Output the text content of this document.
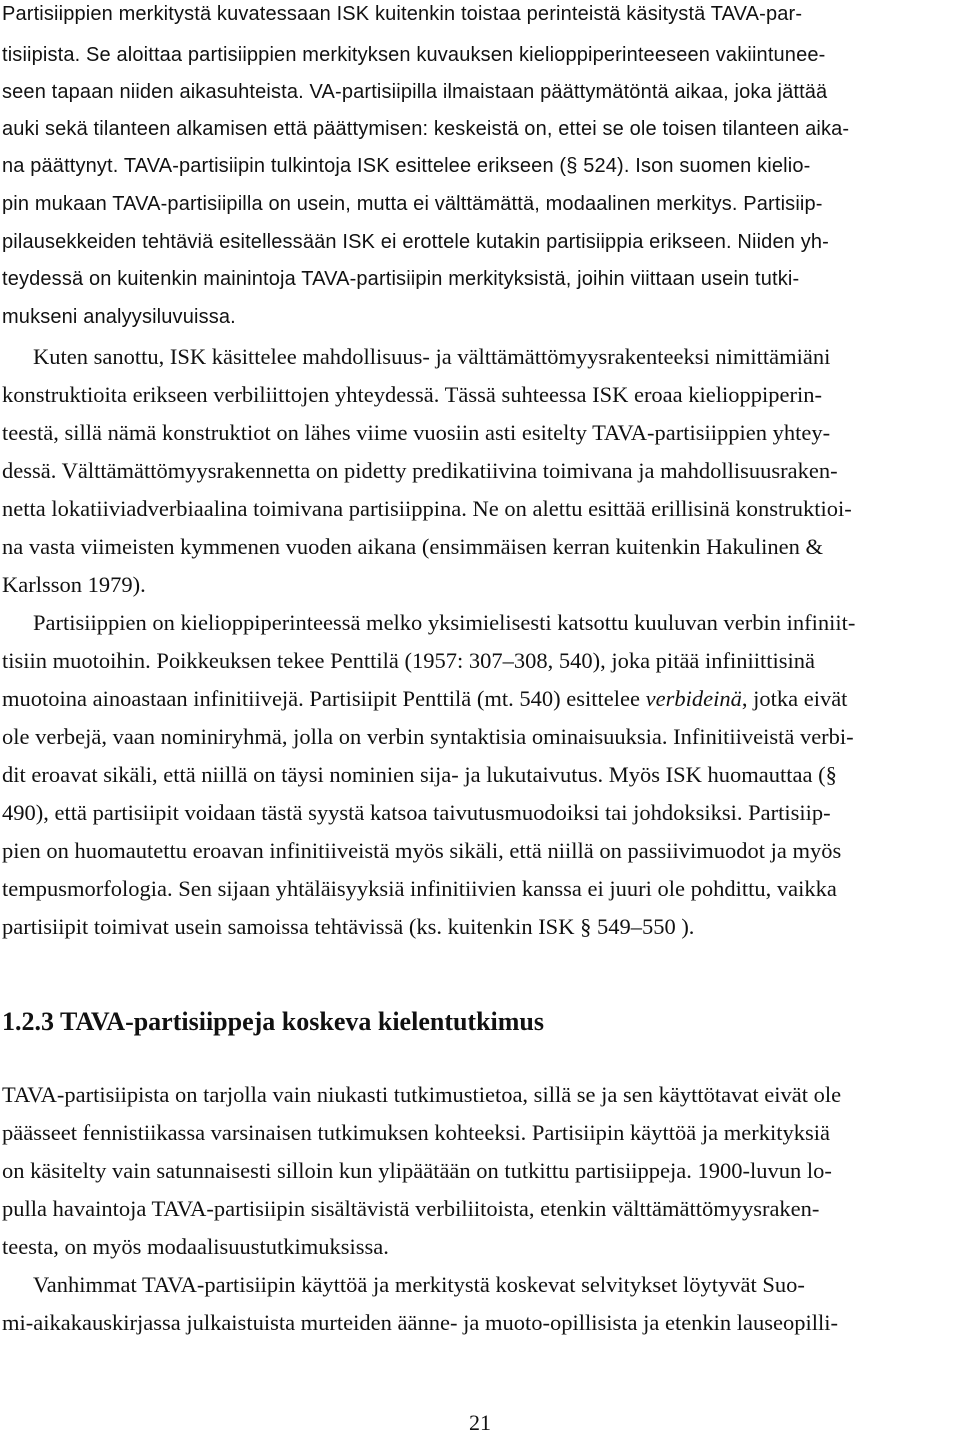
Partisiippien merkitystä kuvatessaan ISK kuitenkin toistaa perinteistä käsitystä TAVA-par-
tisiipista. Se aloittaa partisiippien merkityksen kuvauksen kielioppiperinteeseen vakiintunee-
seen tapaan niiden aikasuhteista. VA-partisiipilla ilmaistaan päättymätöntä aikaa, joka jättää
auki sekä tilanteen alkamisen että päättymisen: keskeistä on, ettei se ole toisen tilanteen aika-
na päättynyt. TAVA-partisiipin tulkintoja ISK esittelee erikseen (§ 524). Ison suomen kielio-
pin mukaan TAVA-partisiipilla on usein, mutta ei välttämättä, modaalinen merkitys. Partisiip-
pilausekkeiden tehtäviä esitellessään ISK ei erottele kutakin partisiippia erikseen. Niiden yh-
teydessä on kuitenkin mainintoja TAVA-partisiipin merkityksistä, joihin viittaan usein tutki-
mukseni analyysiluvuissa.
Kuten sanottu, ISK käsittelee mahdollisuus- ja välttämättömyysrakenteeksi nimittämiäni
konstruktioita erikseen verbiliittojen yhteydessä. Tässä suhteessa ISK eroaa kielioppiperin-
teestä, sillä nämä konstruktiot on lähes viime vuosiin asti esitelty TAVA-partisiippien yhtey-
dessä. Välttämättömyysrakennetta on pidetty predikatiivina toimivana ja mahdollisuusraken-
netta lokatiiviadverbiaalina toimivana partisiippina. Ne on alettu esittää erillisinä konstruktioi-
na vasta viimeisten kymmenen vuoden aikana (ensimmäisen kerran kuitenkin Hakulinen &
Karlsson 1979).
Partisiippien on kielioppiperinteessä melko yksimielisesti katsottu kuuluvan verbin infiniit-
tisiin muotoihin. Poikkeuksen tekee Penttilä (1957: 307–308, 540), joka pitää infiniittisinä
muotoina ainoastaan infinitiivejä. Partisiipit Penttilä (mt. 540) esittelee verbideinä, jotka eivät
ole verbejä, vaan nominiryhmä, jolla on verbin syntaktisia ominaisuuksia. Infinitiiveistä verbi-
dit eroavat sikäli, että niillä on täysi nominien sija- ja lukutaivutus. Myös ISK huomauttaa (§
490), että partisiipit voidaan tästä syystä katsoa taivutusmuodoiksi tai johdoksiksi. Partisiip-
pien on huomautettu eroavan infinitiiveistä myös sikäli, että niillä on passiivimuodot ja myös
tempusmorfologia. Sen sijaan yhtäläisyyksiä infinitiivien kanssa ei juuri ole pohdittu, vaikka
partisiipit toimivat usein samoissa tehtävissä (ks. kuitenkin ISK § 549–550 ).
1.2.3 TAVA-partisiippeja koskeva kielentutkimus
TAVA-partisiipista on tarjolla vain niukasti tutkimustietoa, sillä se ja sen käyttötavat eivät ole
päässeet fennistiikassa varsinaisen tutkimuksen kohteeksi. Partisiipin käyttöä ja merkityksiä
on käsitelty vain satunnaisesti silloin kun ylipäätään on tutkittu partisiippeja. 1900-luvun lo-
pulla havaintoja TAVA-partisiipin sisältävistä verbiliitoista, etenkin välttämättömyysraken-
teesta, on myös modaalisuustutkimuksissa.
Vanhimmat TAVA-partisiipin käyttöä ja merkitystä koskevat selvitykset löytyvät Suo-
mi-aikakauskirjassa julkaistuista murteiden äänne- ja muoto-opillisista ja etenkin lauseopilli-
21
